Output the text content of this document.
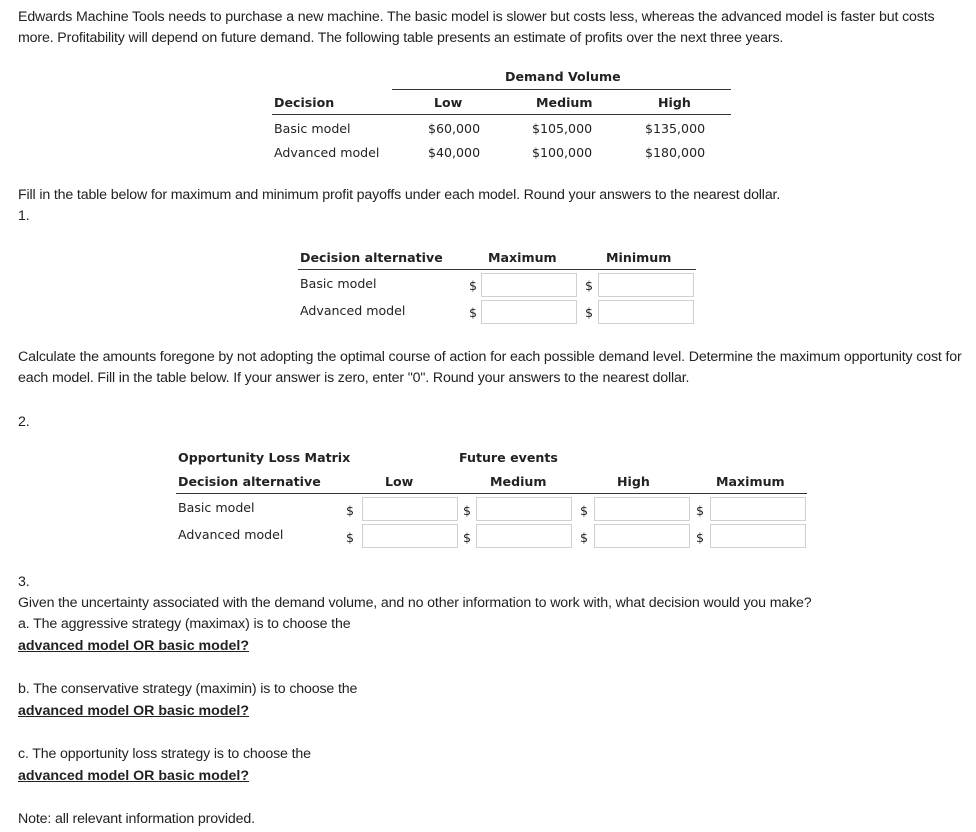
Edwards Machine Tools needs to purchase a new machine. The basic model is slower but costs less, whereas the advanced model is faster but costs more. Profitability will depend on future demand. The following table presents an estimate of profits over the next three years.
Demand Volume
Decision	Low	Medium	High
Basic model	$60,000	$105,000	$135,000
Advanced model	$40,000	$100,000	$180,000
Fill in the table below for maximum and minimum profit payoffs under each model. Round your answers to the nearest dollar.
1.
Decision alternative	Maximum	Minimum
Basic model	$	$
Advanced model	$	$
Calculate the amounts foregone by not adopting the optimal course of action for each possible demand level. Determine the maximum opportunity cost for each model. Fill in the table below. If your answer is zero, enter "0". Round your answers to the nearest dollar.
2.
Opportunity Loss Matrix	Future events
Decision alternative	Low	Medium	High	Maximum
Basic model	$	$	$	$
Advanced model	$	$	$	$
3.
Given the uncertainty associated with the demand volume, and no other information to work with, what decision would you make?
a. The aggressive strategy (maximax) is to choose the
advanced model OR basic model?
b. The conservative strategy (maximin) is to choose the
advanced model OR basic model?
c. The opportunity loss strategy is to choose the
advanced model OR basic model?
Note: all relevant information provided.
